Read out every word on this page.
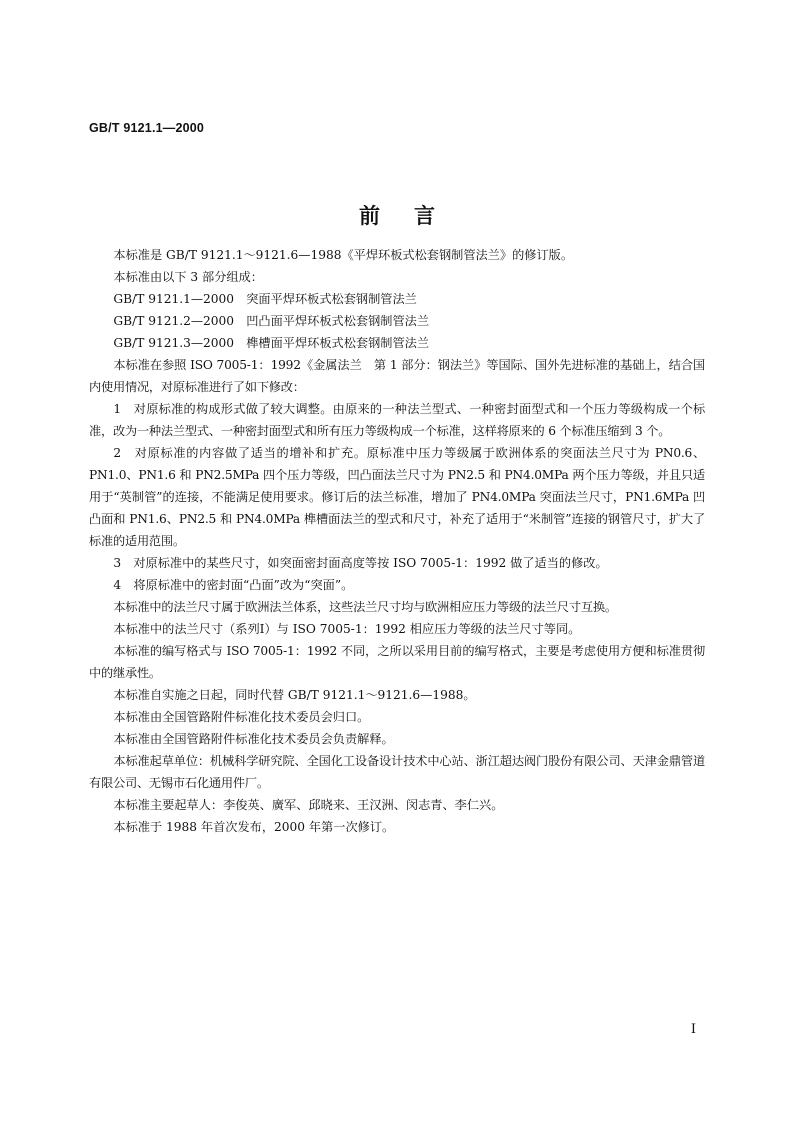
GB/T 9121.1—2000
前言

本标准是 GB/T 9121.1～9121.6—1988《平焊环板式松套钢制管法兰》的修订版。

本标准由以下 3 部分组成：

GB/T 9121.1—2000　突面平焊环板式松套钢制管法兰

GB/T 9121.2—2000　凹凸面平焊环板式松套钢制管法兰

GB/T 9121.3—2000　榫槽面平焊环板式松套钢制管法兰

本标准在参照 ISO 7005-1：1992《金属法兰　第 1 部分：钢法兰》等国际、国外先进标准的基础上，结合国内使用情况，对原标准进行了如下修改：

1　对原标准的构成形式做了较大调整。由原来的一种法兰型式、一种密封面型式和一个压力等级构成一个标准，改为一种法兰型式、一种密封面型式和所有压力等级构成一个标准，这样将原来的 6 个标准压缩到 3 个。

2　对原标准的内容做了适当的增补和扩充。原标准中压力等级属于欧洲体系的突面法兰尺寸为 PN0.6、PN1.0、PN1.6 和 PN2.5MPa 四个压力等级，凹凸面法兰尺寸为 PN2.5 和 PN4.0MPa 两个压力等级，并且只适用于“英制管”的连接，不能满足使用要求。修订后的法兰标准，增加了 PN4.0MPa 突面法兰尺寸，PN1.6MPa 凹凸面和 PN1.6、PN2.5 和 PN4.0MPa 榫槽面法兰的型式和尺寸，补充了适用于“米制管”连接的钢管尺寸，扩大了标准的适用范围。

3　对原标准中的某些尺寸，如突面密封面高度等按 ISO 7005-1：1992 做了适当的修改。

4　将原标准中的密封面“凸面”改为“突面”。

本标准中的法兰尺寸属于欧洲法兰体系，这些法兰尺寸均与欧洲相应压力等级的法兰尺寸互换。

本标准中的法兰尺寸（系列Ⅰ）与 ISO 7005-1：1992 相应压力等级的法兰尺寸等同。

本标准的编写格式与 ISO 7005-1：1992 不同，之所以采用目前的编写格式，主要是考虑使用方便和标准贯彻中的继承性。

本标准自实施之日起，同时代替 GB/T 9121.1～9121.6—1988。

本标准由全国管路附件标准化技术委员会归口。

本标准由全国管路附件标准化技术委员会负责解释。

本标准起草单位：机械科学研究院、全国化工设备设计技术中心站、浙江超达阀门股份有限公司、天津金鼎管道有限公司、无锡市石化通用件厂。

本标准主要起草人：李俊英、廣军、邱晓来、王汉洲、闵志青、李仁兴。

本标准于 1988 年首次发布，2000 年第一次修订。

I
